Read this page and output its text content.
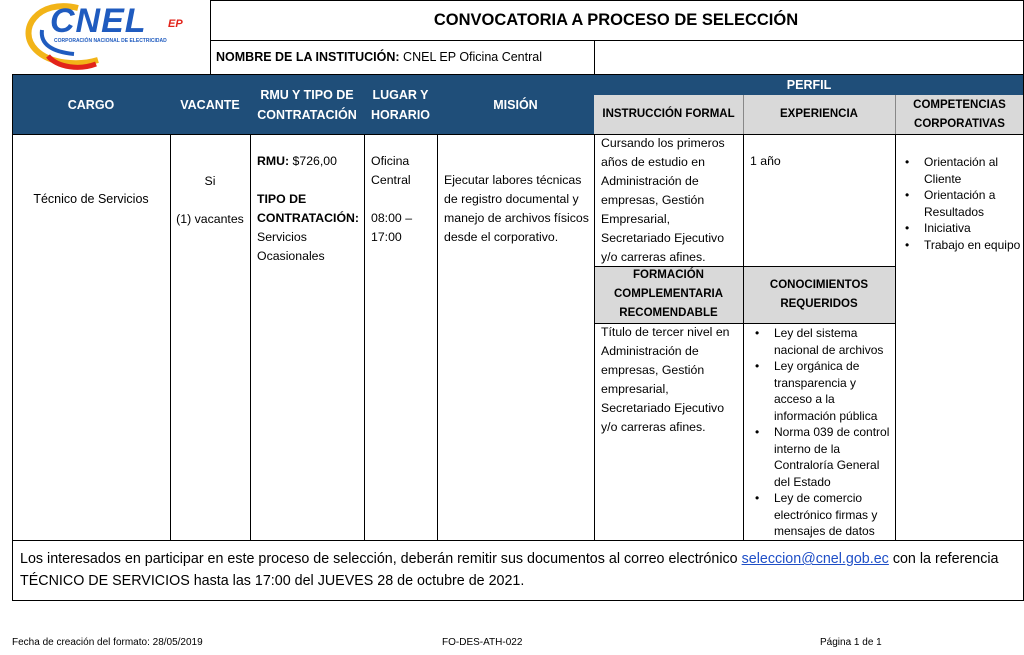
CNEL EP
CORPORACIÓN NACIONAL DE ELECTRICIDAD
CONVOCATORIA A PROCESO DE SELECCIÓN
NOMBRE DE LA INSTITUCIÓN:
CNEL EP Oficina Central
CARGO	VACANTE
RMU Y TIPO DE CONTRATACIÓN
LUGAR Y HORARIO
MISIÓN
PERFIL
INSTRUCCIÓN FORMAL	EXPERIENCIA
COMPETENCIAS CORPORATIVAS
FORMACIÓN COMPLEMENTARIA RECOMENDABLE
CONOCIMIENTOS REQUERIDOS
Técnico de Servicios
Si
(1) vacantes
RMU: $726,00
TIPO DE CONTRATACIÓN:
Servicios Ocasionales
Oficina Central
08:00 – 17:00
Ejecutar labores técnicas de registro documental y manejo de archivos físicos desde el corporativo.
Cursando los primeros años de estudio en Administración de empresas, Gestión Empresarial, Secretariado Ejecutivo y/o carreras afines.
1 año
•	Orientación al Cliente
• Orientación a Resultados
• Iniciativa
• Trabajo en equipo
Título de tercer nivel en Administración de empresas, Gestión empresarial, Secretariado Ejecutivo y/o carreras afines.
• Ley del sistema nacional de archivos
• Ley orgánica de transparencia y acceso a la información pública
• Norma 039 de control interno de la Contraloría General del Estado
• Ley de comercio electrónico firmas y mensajes de datos
Los interesados en participar en este proceso de selección, deberán remitir sus documentos al correo electrónico seleccion@cnel.gob.ec con la referencia TÉCNICO DE SERVICIOS hasta las 17:00 del JUEVES 28 de octubre de 2021.
Fecha de creación del formato: 28/05/2019	FO-DES-ATH-022	Página 1 de 1
